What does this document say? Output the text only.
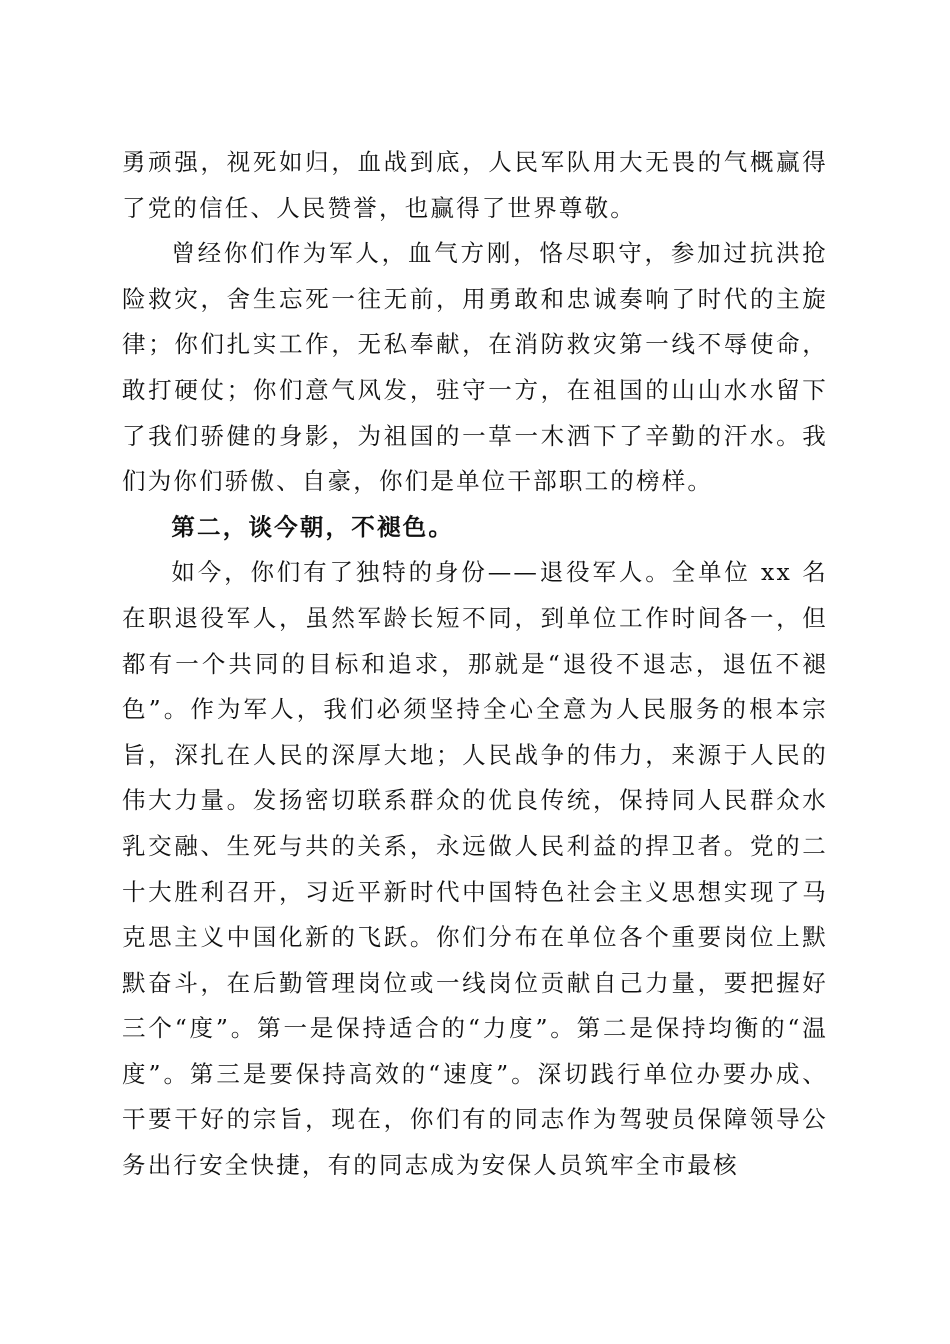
勇顽强，视死如归，血战到底，人民军队用大无畏的气概赢得了党的信任、人民赞誉，也赢得了世界尊敬。

曾经你们作为军人，血气方刚，恪尽职守，参加过抗洪抢险救灾，舍生忘死一往无前，用勇敢和忠诚奏响了时代的主旋律；你们扎实工作，无私奉献，在消防救灾第一线不辱使命，敢打硬仗；你们意气风发，驻守一方，在祖国的山山水水留下了我们骄健的身影，为祖国的一草一木洒下了辛勤的汗水。我们为你们骄傲、自豪，你们是单位干部职工的榜样。

第二，谈今朝，不褪色。

如今，你们有了独特的身份——退役军人。全单位 xx 名在职退役军人，虽然军龄长短不同，到单位工作时间各一，但都有一个共同的目标和追求，那就是“退役不退志，退伍不褪色”。作为军人，我们必须坚持全心全意为人民服务的根本宗旨，深扎在人民的深厚大地；人民战争的伟力，来源于人民的伟大力量。发扬密切联系群众的优良传统，保持同人民群众水乳交融、生死与共的关系，永远做人民利益的捍卫者。党的二十大胜利召开，习近平新时代中国特色社会主义思想实现了马克思主义中国化新的飞跃。你们分布在单位各个重要岗位上默默奋斗，在后勤管理岗位或一线岗位贡献自己力量，要把握好三个“度”。第一是保持适合的“力度”。第二是保持均衡的“温度”。第三是要保持高效的“速度”。深切践行单位办要办成、干要干好的宗旨，现在，你们有的同志作为驾驶员保障领导公务出行安全快捷，有的同志成为安保人员筑牢全市最核
